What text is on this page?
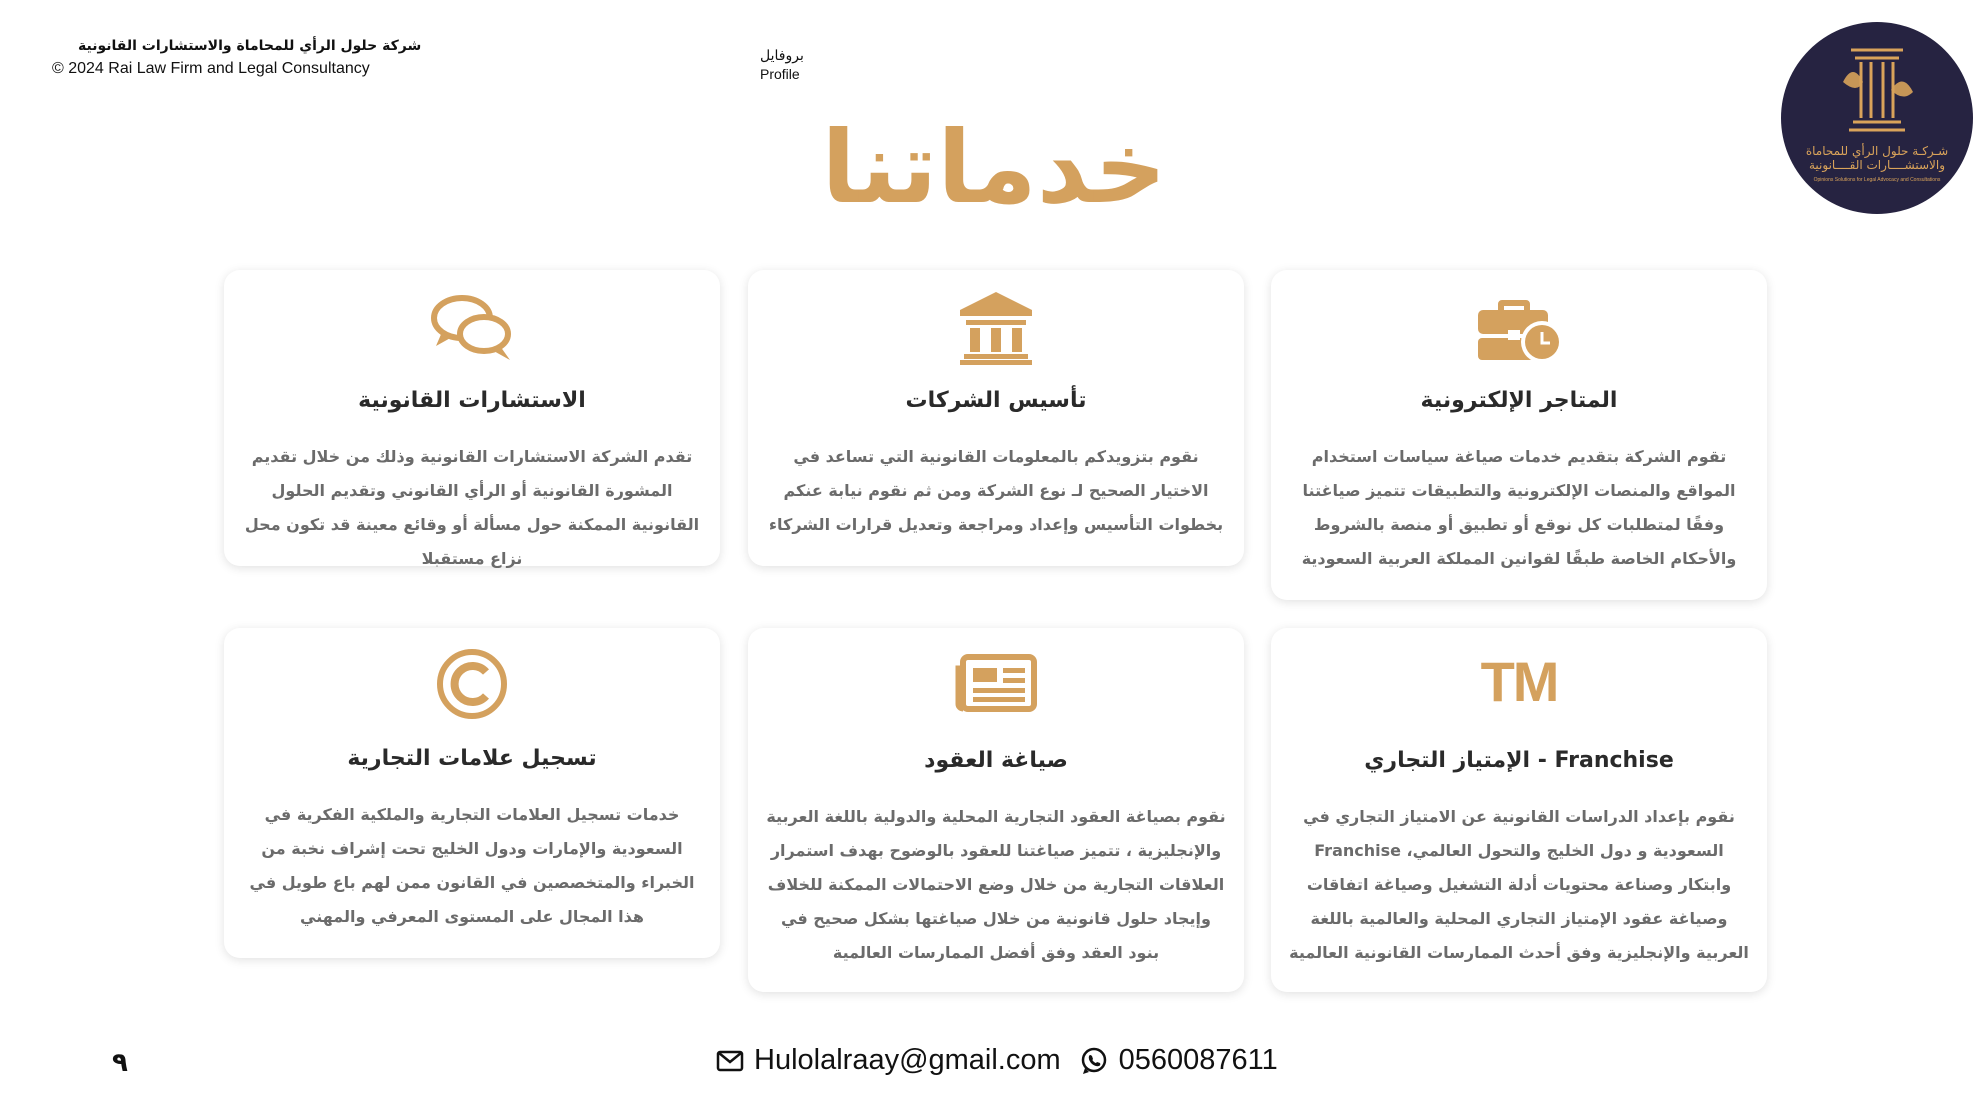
شركة حلول الرأي للمحاماة والاستشارات القانونية
© 2024 Rai Law Firm and Legal Consultancy
بروفايل
Profile
شـركـة حلول الرأي للمحاماة والاستشــــارات القــــانونية
Opinions Solutions for Legal Advocacy and Consultations
خدماتنا
المتاجر الإلكترونية
تقوم الشركة بتقديم خدمات صياغة سياسات استخدام المواقع والمنصات الإلكترونية والتطبيقات تتميز صياغتنا وفقًا لمتطلبات كل نوقع أو تطبيق أو منصة بالشروط والأحكام الخاصة طبقًا لقوانين المملكة العربية السعودية
تأسيس الشركات
نقوم بتزويدكم بالمعلومات القانونية التي تساعد في الاختيار الصحيح لـ نوع الشركة ومن ثم نقوم نيابة عنكم بخطوات التأسيس وإعداد ومراجعة وتعديل قرارات الشركاء
الاستشارات القانونية
تقدم الشركة الاستشارات القانونية وذلك من خلال تقديم المشورة القانونية أو الرأي القانوني وتقديم الحلول القانونية الممكنة حول مسألة أو وقائع معينة قد تكون محل نزاع مستقبلا
TM
Franchise - الإمتياز التجاري
نقوم بإعداد الدراسات القانونية عن الامتياز التجاري في السعودية و دول الخليج والتحول العالمي، Franchise وابتكار وصناعة محتويات أدلة التشغيل وصياغة اتفاقات وصياغة عقود الإمتياز التجاري المحلية والعالمية باللغة العربية والإنجليزية وفق أحدث الممارسات القانونية العالمية
صياغة العقود
نقوم بصياغة العقود التجارية المحلية والدولية باللغة العربية والإنجليزية ، تتميز صياغتنا للعقود بالوضوح بهدف استمرار العلاقات التجارية من خلال وضع الاحتمالات الممكنة للخلاف وإيجاد حلول قانونية من خلال صياغتها بشكل صحيح في بنود العقد وفق أفضل الممارسات العالمية
تسجيل علامات التجارية
خدمات تسجيل العلامات التجارية والملكية الفكرية في السعودية والإمارات ودول الخليج تحت إشراف نخبة من الخبراء والمتخصصين في القانون ممن لهم باع طويل في هذا المجال على المستوى المعرفي والمهني
Hulolalraay@gmail.com 0560087611
٩
